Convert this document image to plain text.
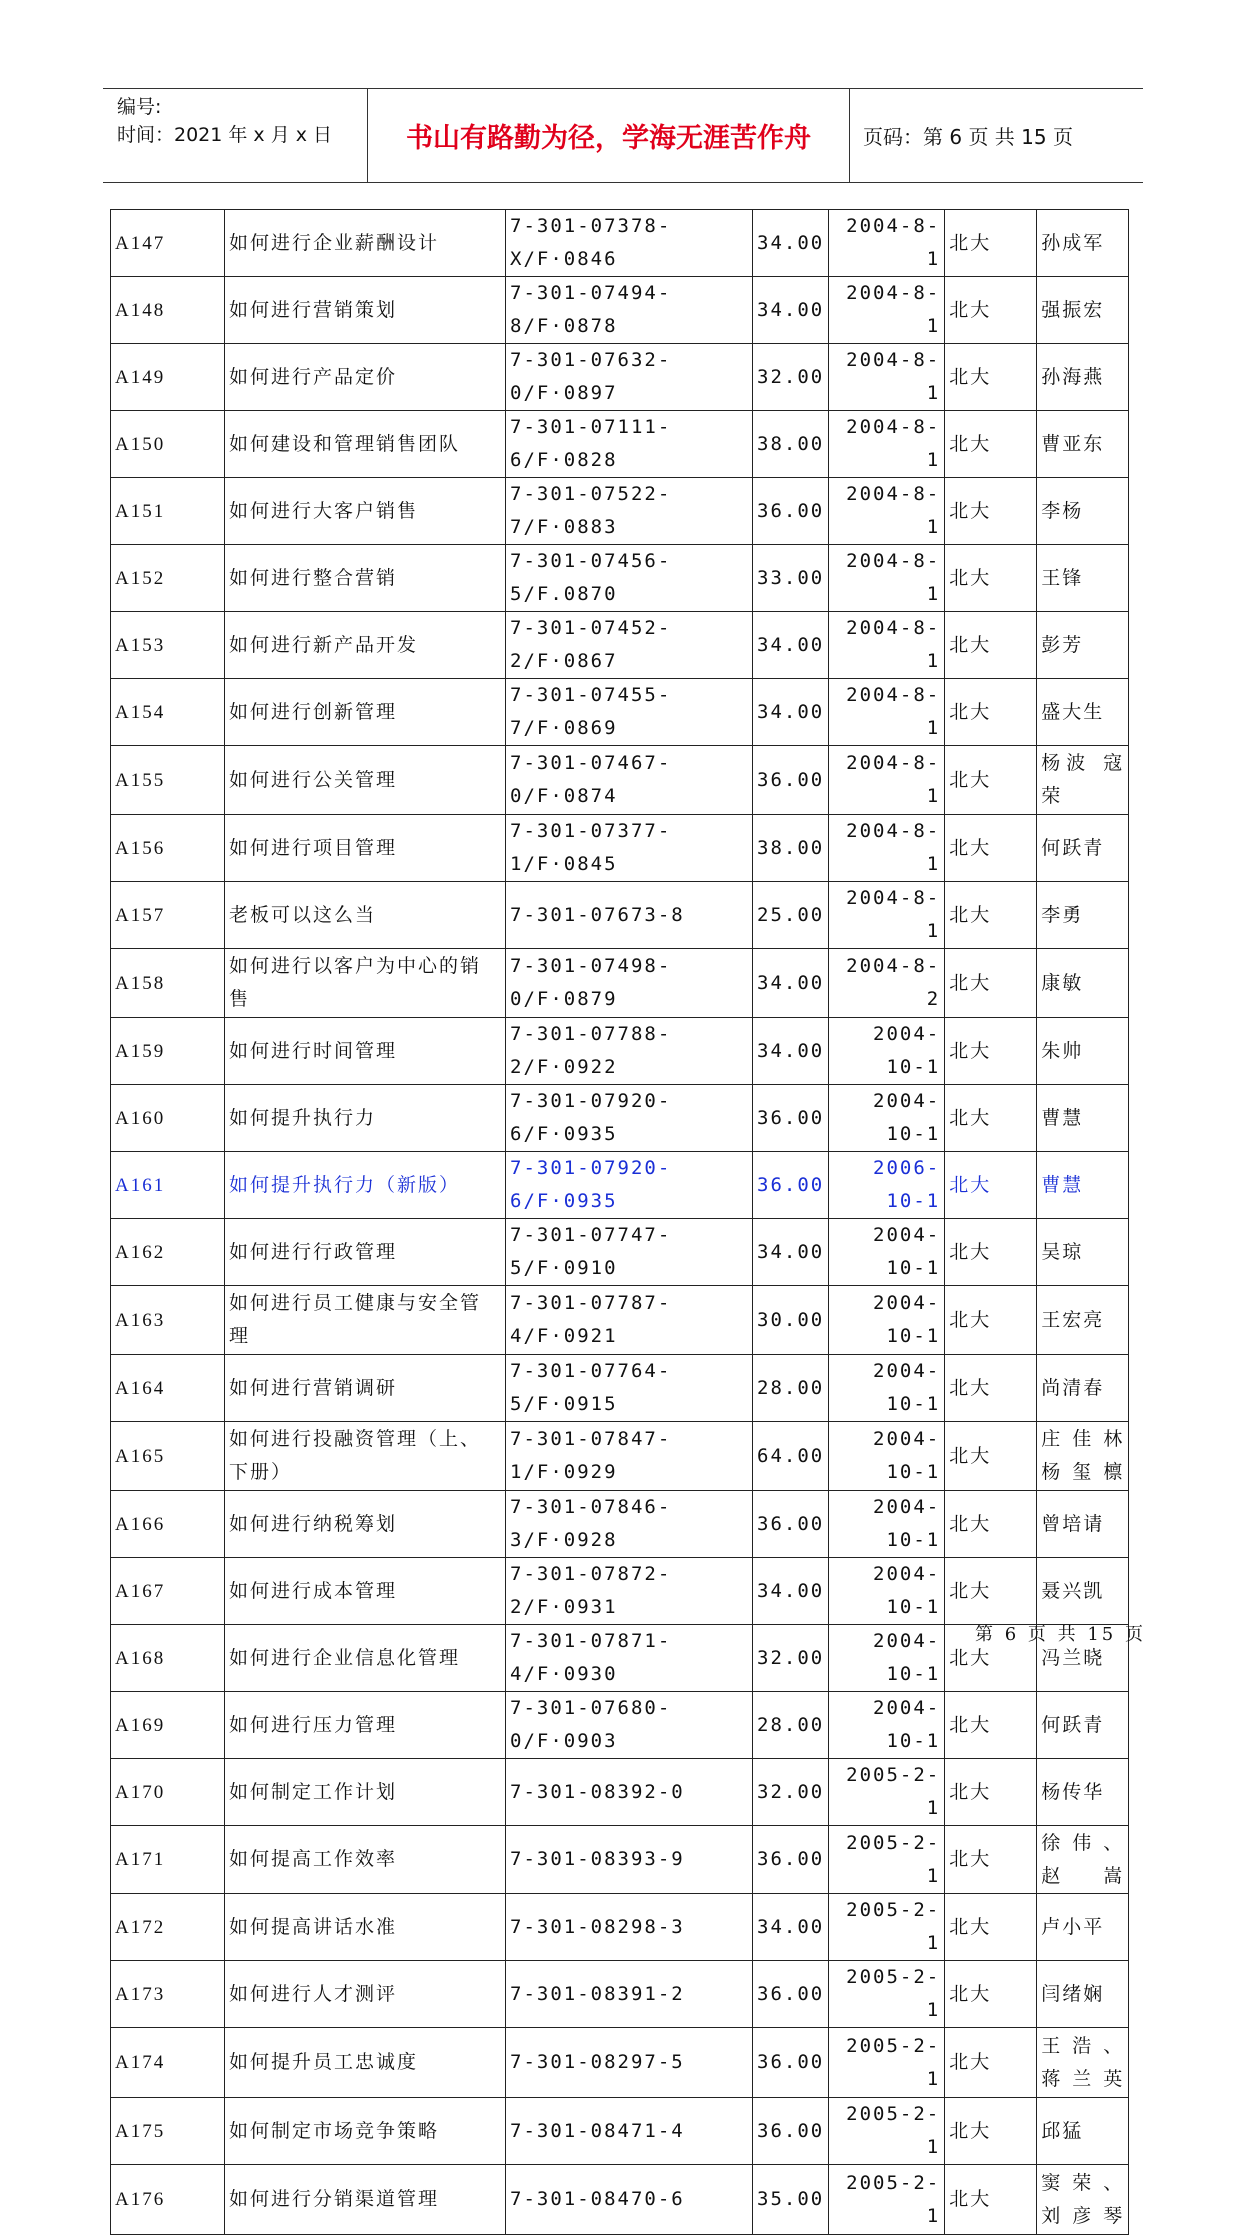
编号:
时间：2021 年 x 月 x 日	书山有路勤为径，学海无涯苦作舟	页码：第 6 页 共 15 页
A147	如何进行企业薪酬设计	7-301-07378-X/F·0846	34.00	2004-8-1	北大	孙成军
A148	如何进行营销策划	7-301-07494-8/F·0878	34.00	2004-8-1	北大	强振宏
A149	如何进行产品定价	7-301-07632-0/F·0897	32.00	2004-8-1	北大	孙海燕
A150	如何建设和管理销售团队	7-301-07111-6/F·0828	38.00	2004-8-1	北大	曹亚东
A151	如何进行大客户销售	7-301-07522-7/F·0883	36.00	2004-8-1	北大	李杨
A152	如何进行整合营销	7-301-07456-5/F.0870	33.00	2004-8-1	北大	王锋
A153	如何进行新产品开发	7-301-07452-2/F·0867	34.00	2004-8-1	北大	彭芳
A154	如何进行创新管理	7-301-07455-7/F·0869	34.00	2004-8-1	北大	盛大生
A155	如何进行公关管理	7-301-07467-0/F·0874	36.00	2004-8-1	北大	杨波 寇荣
A156	如何进行项目管理	7-301-07377-1/F·0845	38.00	2004-8-1	北大	何跃青
A157	老板可以这么当	7-301-07673-8	25.00	2004-8-1	北大	李勇
A158	如何进行以客户为中心的销售	7-301-07498-0/F·0879	34.00	2004-8-2	北大	康敏
A159	如何进行时间管理	7-301-07788-2/F·0922	34.00	2004-10-1	北大	朱帅
A160	如何提升执行力	7-301-07920-6/F·0935	36.00	2004-10-1	北大	曹慧
A161	如何提升执行力（新版）	7-301-07920-6/F·0935	36.00	2006-10-1	北大	曹慧
A162	如何进行行政管理	7-301-07747-5/F·0910	34.00	2004-10-1	北大	吴琼
A163	如何进行员工健康与安全管理	7-301-07787-4/F·0921	30.00	2004-10-1	北大	王宏亮
A164	如何进行营销调研	7-301-07764-5/F·0915	28.00	2004-10-1	北大	尚清春
A165	如何进行投融资管理（上、下册）	7-301-07847-1/F·0929	64.00	2004-10-1	北大	庄 佳 林 杨玺檩
A166	如何进行纳税筹划	7-301-07846-3/F·0928	36.00	2004-10-1	北大	曾培请
A167	如何进行成本管理	7-301-07872-2/F·0931	34.00	2004-10-1	北大	聂兴凯
A168	如何进行企业信息化管理	7-301-07871-4/F·0930	32.00	2004-10-1	北大	冯兰晓
A169	如何进行压力管理	7-301-07680-0/F·0903	28.00	2004-10-1	北大	何跃青
A170	如何制定工作计划	7-301-08392-0	32.00	2005-2-1	北大	杨传华
A171	如何提高工作效率	7-301-08393-9	36.00	2005-2-1	北大	徐伟、赵嵩
A172	如何提高讲话水准	7-301-08298-3	34.00	2005-2-1	北大	卢小平
A173	如何进行人才测评	7-301-08391-2	36.00	2005-2-1	北大	闫绪娴
A174	如何提升员工忠诚度	7-301-08297-5	36.00	2005-2-1	北大	王浩、蒋兰英
A175	如何制定市场竞争策略	7-301-08471-4	36.00	2005-2-1	北大	邱猛
A176	如何进行分销渠道管理	7-301-08470-6	35.00	2005-2-1	北大	窦荣、刘彦琴
第 6 页 共 15 页
